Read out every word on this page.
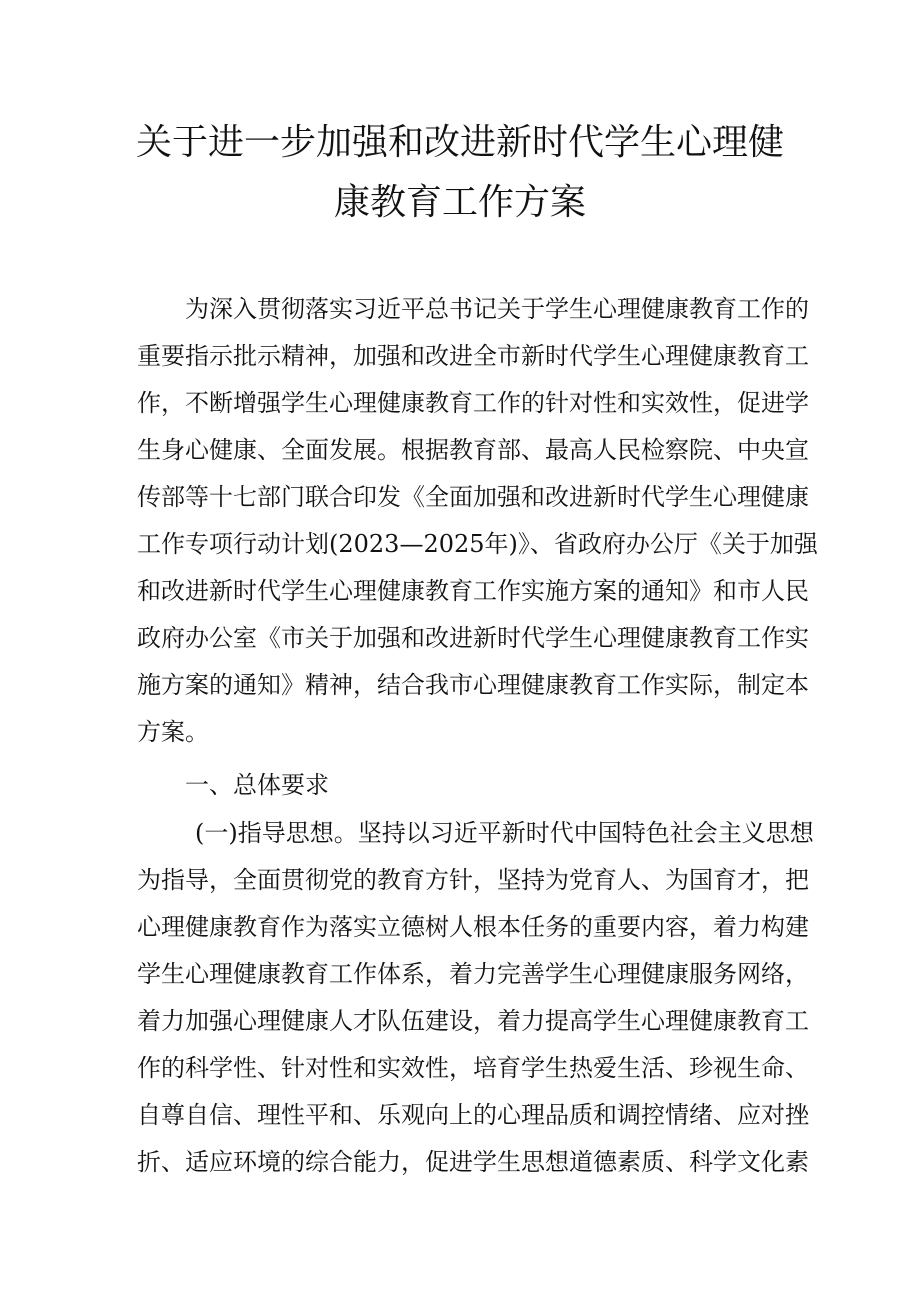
关于进一步加强和改进新时代学生心理健
康教育工作方案
为深入贯彻落实习近平总书记关于学生心理健康教育工作的
重要指示批示精神，加强和改进全市新时代学生心理健康教育工
作，不断增强学生心理健康教育工作的针对性和实效性，促进学
生身心健康、全面发展。根据教育部、最高人民检察院、中央宣
传部等十七部门联合印发《全面加强和改进新时代学生心理健康
工作专项行动计划(2023—2025年)》、省政府办公厅《关于加强
和改进新时代学生心理健康教育工作实施方案的通知》和市人民
政府办公室《市关于加强和改进新时代学生心理健康教育工作实
施方案的通知》精神，结合我市心理健康教育工作实际，制定本
方案。
一、总体要求
(一)指导思想。坚持以习近平新时代中国特色社会主义思想
为指导，全面贯彻党的教育方针，坚持为党育人、为国育才，把
心理健康教育作为落实立德树人根本任务的重要内容，着力构建
学生心理健康教育工作体系，着力完善学生心理健康服务网络，
着力加强心理健康人才队伍建设，着力提高学生心理健康教育工
作的科学性、针对性和实效性，培育学生热爱生活、珍视生命、
自尊自信、理性平和、乐观向上的心理品质和调控情绪、应对挫
折、适应环境的综合能力，促进学生思想道德素质、科学文化素
